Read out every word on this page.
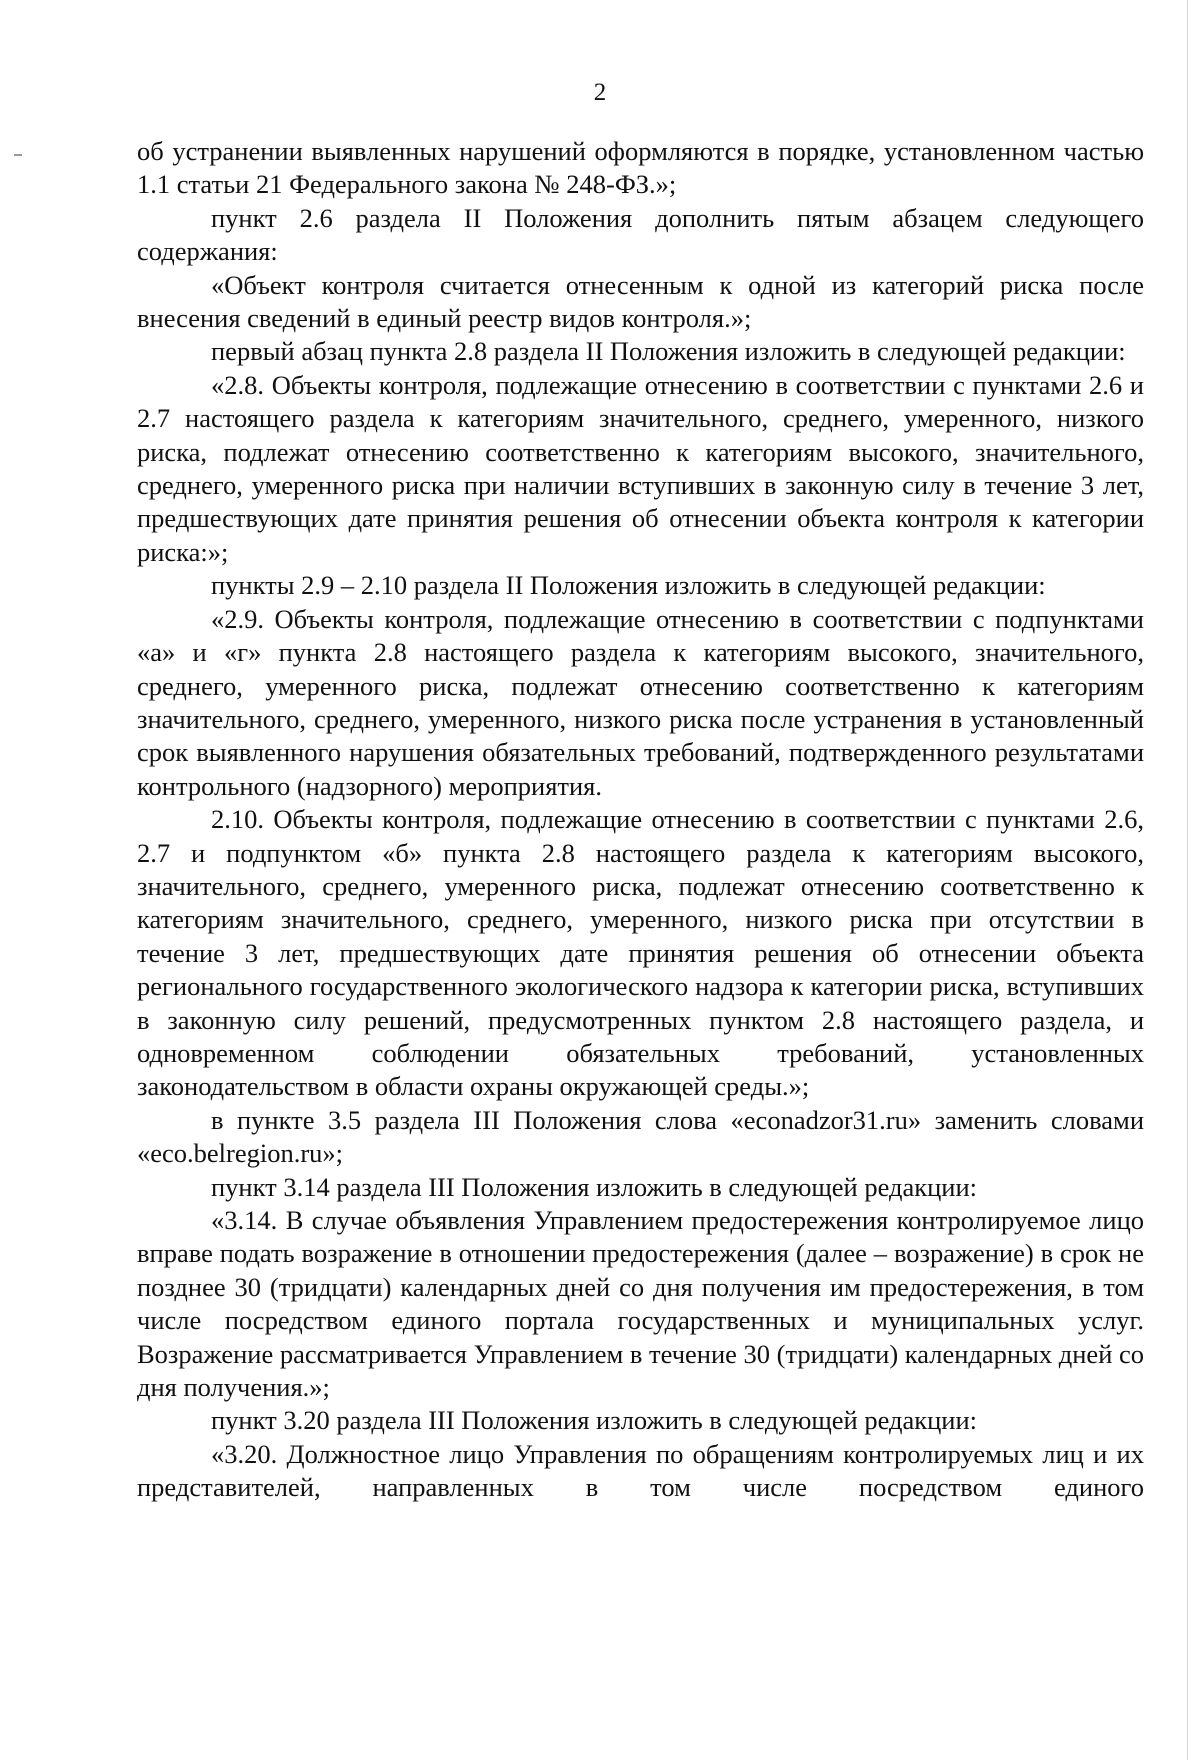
2

об устранении выявленных нарушений оформляются в порядке, установленном частью 1.1 статьи 21 Федерального закона № 248-ФЗ.»;

пункт 2.6 раздела II Положения дополнить пятым абзацем следующего содержания:

«Объект контроля считается отнесенным к одной из категорий риска после внесения сведений в единый реестр видов контроля.»;

первый абзац пункта 2.8 раздела II Положения изложить в следующей редакции:

«2.8. Объекты контроля, подлежащие отнесению в соответствии с пунктами 2.6 и 2.7 настоящего раздела к категориям значительного, среднего, умеренного, низкого риска, подлежат отнесению соответственно к категориям высокого, значительного, среднего, умеренного риска при наличии вступивших в законную силу в течение 3 лет, предшествующих дате принятия решения об отнесении объекта контроля к категории риска:»;

пункты 2.9 – 2.10 раздела II Положения изложить в следующей редакции:

«2.9. Объекты контроля, подлежащие отнесению в соответствии с подпунктами «а» и «г» пункта 2.8 настоящего раздела к категориям высокого, значительного, среднего, умеренного риска, подлежат отнесению соответственно к категориям значительного, среднего, умеренного, низкого риска после устранения в установленный срок выявленного нарушения обязательных требований, подтвержденного результатами контрольного (надзорного) мероприятия.

2.10. Объекты контроля, подлежащие отнесению в соответствии с пунктами 2.6, 2.7 и подпунктом «б» пункта 2.8 настоящего раздела к категориям высокого, значительного, среднего, умеренного риска, подлежат отнесению соответственно к категориям значительного, среднего, умеренного, низкого риска при отсутствии в течение 3 лет, предшествующих дате принятия решения об отнесении объекта регионального государственного экологического надзора к категории риска, вступивших в законную силу решений, предусмотренных пунктом 2.8 настоящего раздела, и одновременном соблюдении обязательных требований, установленных законодательством в области охраны окружающей среды.»;

в пункте 3.5 раздела III Положения слова «econadzor31.ru» заменить словами «eco.belregion.ru»;

пункт 3.14 раздела III Положения изложить в следующей редакции:

«3.14. В случае объявления Управлением предостережения контролируемое лицо вправе подать возражение в отношении предостережения (далее – возражение) в срок не позднее 30 (тридцати) календарных дней со дня получения им предостережения, в том числе посредством единого портала государственных и муниципальных услуг. Возражение рассматривается Управлением в течение 30 (тридцати) календарных дней со дня получения.»;

пункт 3.20 раздела III Положения изложить в следующей редакции:

«3.20. Должностное лицо Управления по обращениям контролируемых лиц и их представителей, направленных в том числе посредством единого
